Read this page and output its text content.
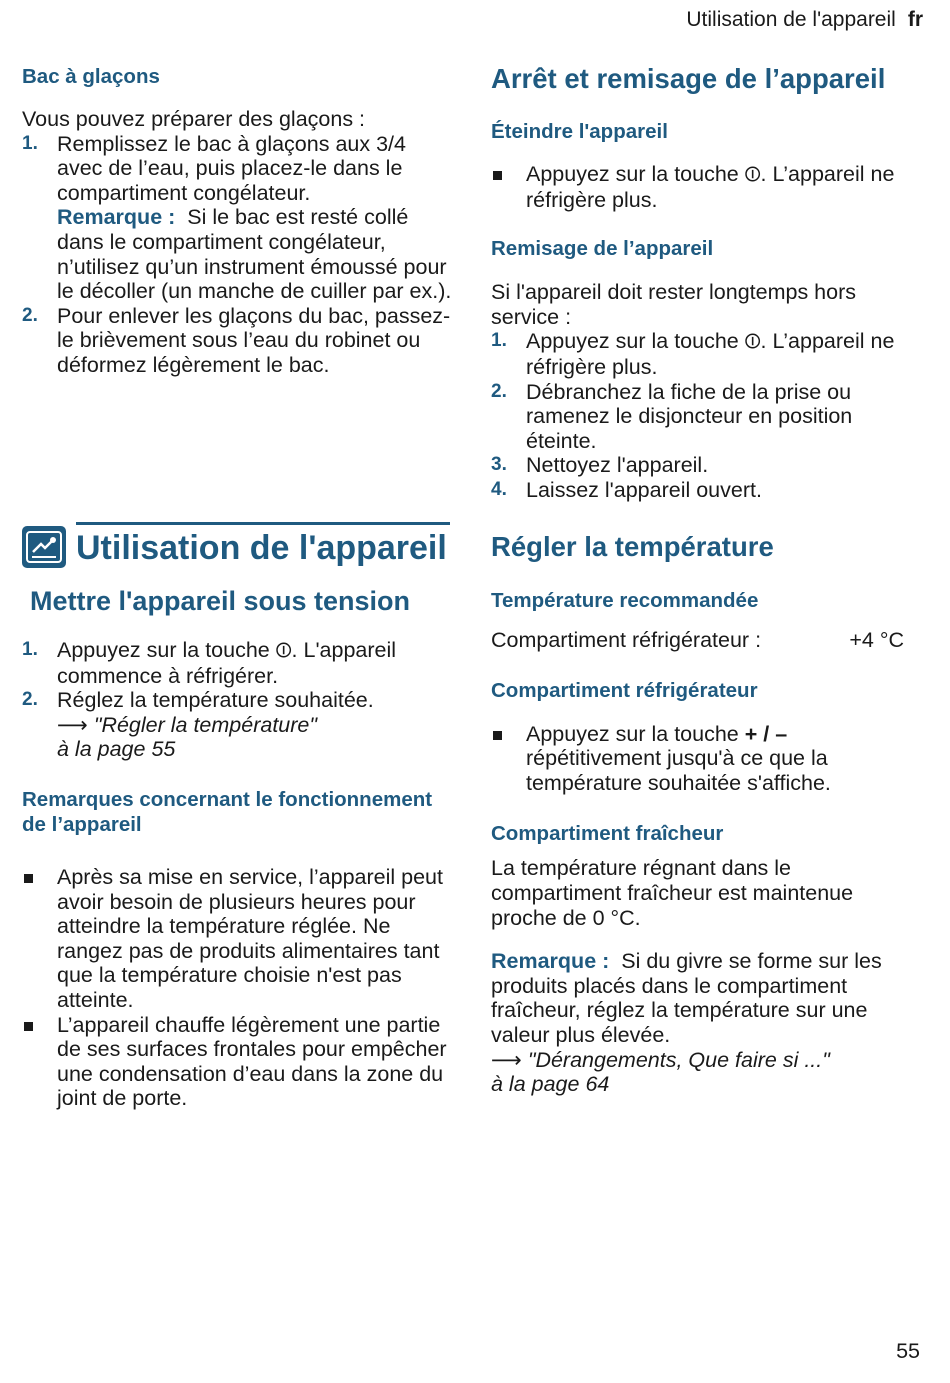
Utilisation de l'appareil fr
Bac à glaçons

Vous pouvez préparer des glaçons :

1. Remplissez le bac à glaçons aux 3/4 avec de l’eau, puis placez-le dans le compartiment congélateur.
Remarque : Si le bac est resté collé dans le compartiment congélateur, n’utilisez qu’un instrument émoussé pour le décoller (un manche de cuiller par ex.).
2. Pour enlever les glaçons du bac, passez-le brièvement sous l’eau du robinet ou déformez légèrement le bac.
Utilisation de l'appareil
Mettre l'appareil sous tension
1. Appuyez sur la touche ⏼. L'appareil commence à réfrigérer.
2. Réglez la température souhaitée.
⟶ "Régler la température"
à la page 55
Remarques concernant le fonctionnement de l’appareil
Après sa mise en service, l’appareil peut avoir besoin de plusieurs heures pour atteindre la température réglée. Ne rangez pas de produits alimentaires tant que la température choisie n'est pas atteinte.
L’appareil chauffe légèrement une partie de ses surfaces frontales pour empêcher une condensation d’eau dans la zone du joint de porte.
Arrêt et remisage de l’appareil
Éteindre l'appareil
Appuyez sur la touche ⏼. L’appareil ne réfrigère plus.
Remisage de l’appareil

Si l'appareil doit rester longtemps hors service :

1. Appuyez sur la touche ⏼. L’appareil ne réfrigère plus.
2. Débranchez la fiche de la prise ou ramenez le disjoncteur en position éteinte.
3. Nettoyez l'appareil.
4. Laissez l'appareil ouvert.
Régler la température
Température recommandée
Compartiment réfrigérateur :	+4 °C
Compartiment réfrigérateur
Appuyez sur la touche + / – répétitivement jusqu'à ce que la température souhaitée s'affiche.
Compartiment fraîcheur

La température régnant dans le compartiment fraîcheur est maintenue proche de 0 °C.

Remarque : Si du givre se forme sur les produits placés dans le compartiment fraîcheur, réglez la température sur une valeur plus élevée.
⟶ "Dérangements, Que faire si ..."
à la page 64

55
